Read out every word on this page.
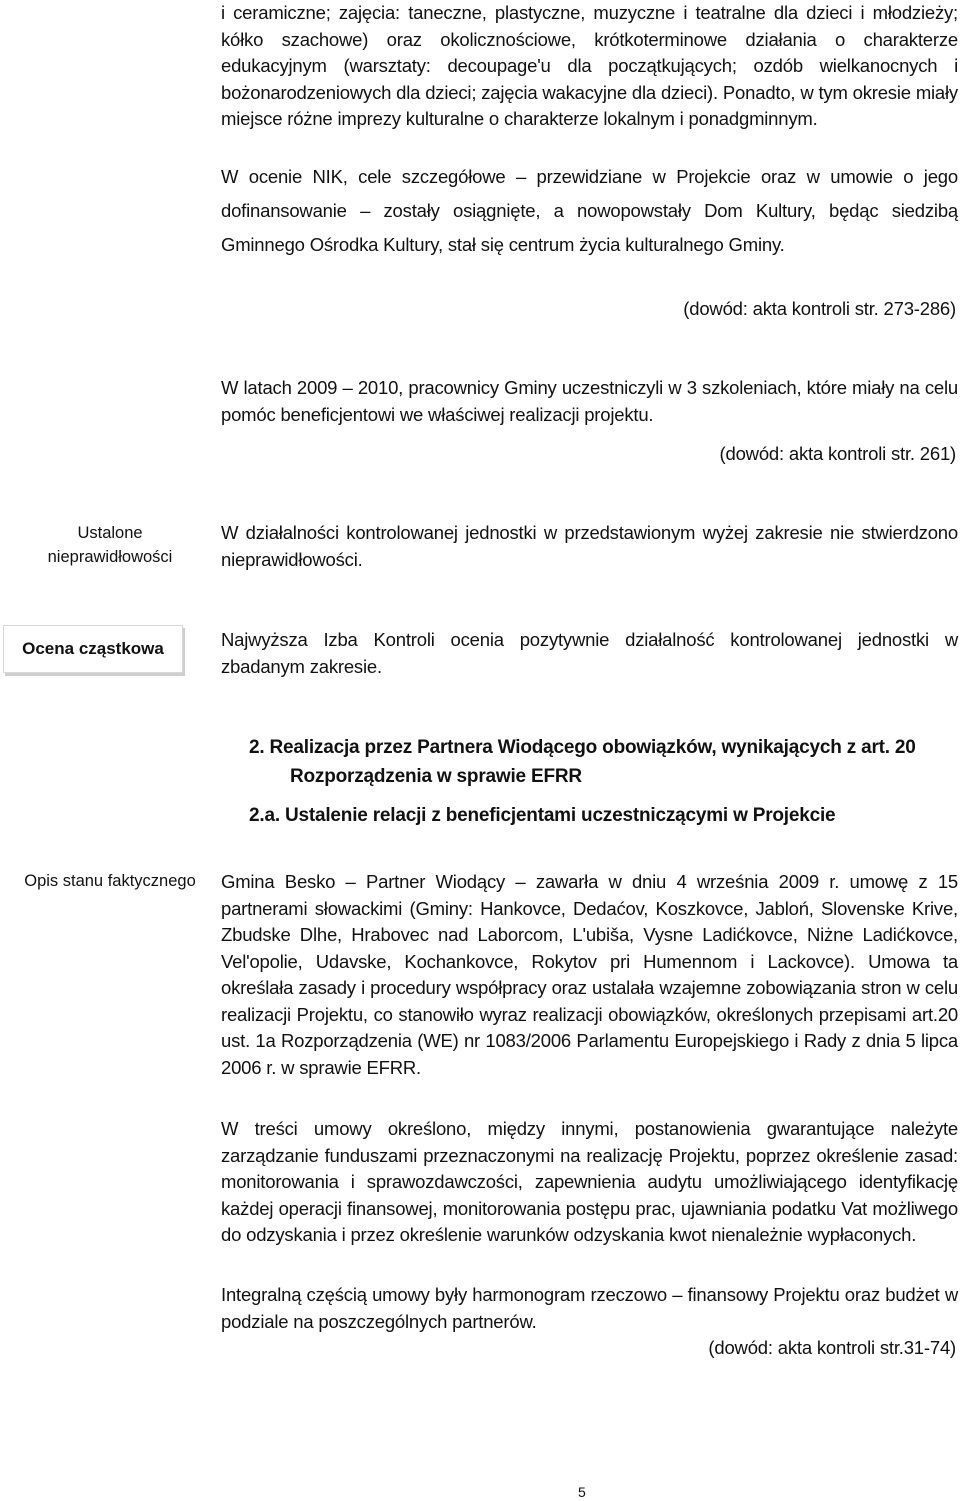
i ceramiczne; zajęcia: taneczne, plastyczne, muzyczne i teatralne dla dzieci i młodzieży; kółko szachowe) oraz okolicznościowe, krótkoterminowe działania o charakterze edukacyjnym (warsztaty: decoupage'u dla początkujących; ozdób wielkanocnych i bożonarodzeniowych dla dzieci; zajęcia wakacyjne dla dzieci). Ponadto, w tym okresie miały miejsce różne imprezy kulturalne o charakterze lokalnym i ponadgminnym.
W ocenie NIK, cele szczegółowe – przewidziane w Projekcie oraz w umowie o jego dofinansowanie – zostały osiągnięte, a nowopowstały Dom Kultury, będąc siedzibą Gminnego Ośrodka Kultury, stał się centrum życia kulturalnego Gminy.
(dowód: akta kontroli str. 273-286)
W latach 2009 – 2010, pracownicy Gminy uczestniczyli w 3 szkoleniach, które miały na celu pomóc beneficjentowi we właściwej realizacji projektu.
(dowód: akta kontroli str. 261)
Ustalone nieprawidłowości
W działalności kontrolowanej jednostki w przedstawionym wyżej zakresie nie stwierdzono nieprawidłowości.
Ocena cząstkowa	Najwyższa Izba Kontroli ocenia pozytywnie działalność kontrolowanej jednostki w zbadanym zakresie.
2. Realizacja przez Partnera Wiodącego obowiązków, wynikających z art. 20
Rozporządzenia w sprawie EFRR
2.a. Ustalenie relacji z beneficjentami uczestniczącymi w Projekcie
Opis stanu faktycznego Gmina Besko – Partner Wiodący – zawarła w dniu 4 września 2009 r. umowę z 15 partnerami słowackimi (Gminy: Hankovce, Dedaćov, Koszkovce, Jabloń, Slovenske Krive, Zbudske Dlhe, Hrabovec nad Laborcom, L'ubiša, Vysne Ladićkovce, Niżne Ladićkovce, Vel'opolie, Udavske, Kochankovce, Rokytov pri Humennom i Lackovce). Umowa ta określała zasady i procedury współpracy oraz ustalała wzajemne zobowiązania stron w celu realizacji Projektu, co stanowiło wyraz realizacji obowiązków, określonych przepisami art.20 ust. 1a Rozporządzenia (WE) nr 1083/2006 Parlamentu Europejskiego i Rady z dnia 5 lipca 2006 r. w sprawie EFRR.
W treści umowy określono, między innymi, postanowienia gwarantujące należyte zarządzanie funduszami przeznaczonymi na realizację Projektu, poprzez określenie zasad: monitorowania i sprawozdawczości, zapewnienia audytu umożliwiającego identyfikację każdej operacji finansowej, monitorowania postępu prac, ujawniania podatku Vat możliwego do odzyskania i przez określenie warunków odzyskania kwot nienależnie wypłaconych.
Integralną częścią umowy były harmonogram rzeczowo – finansowy Projektu oraz budżet w podziale na poszczególnych partnerów.
(dowód: akta kontroli str.31-74)
5
